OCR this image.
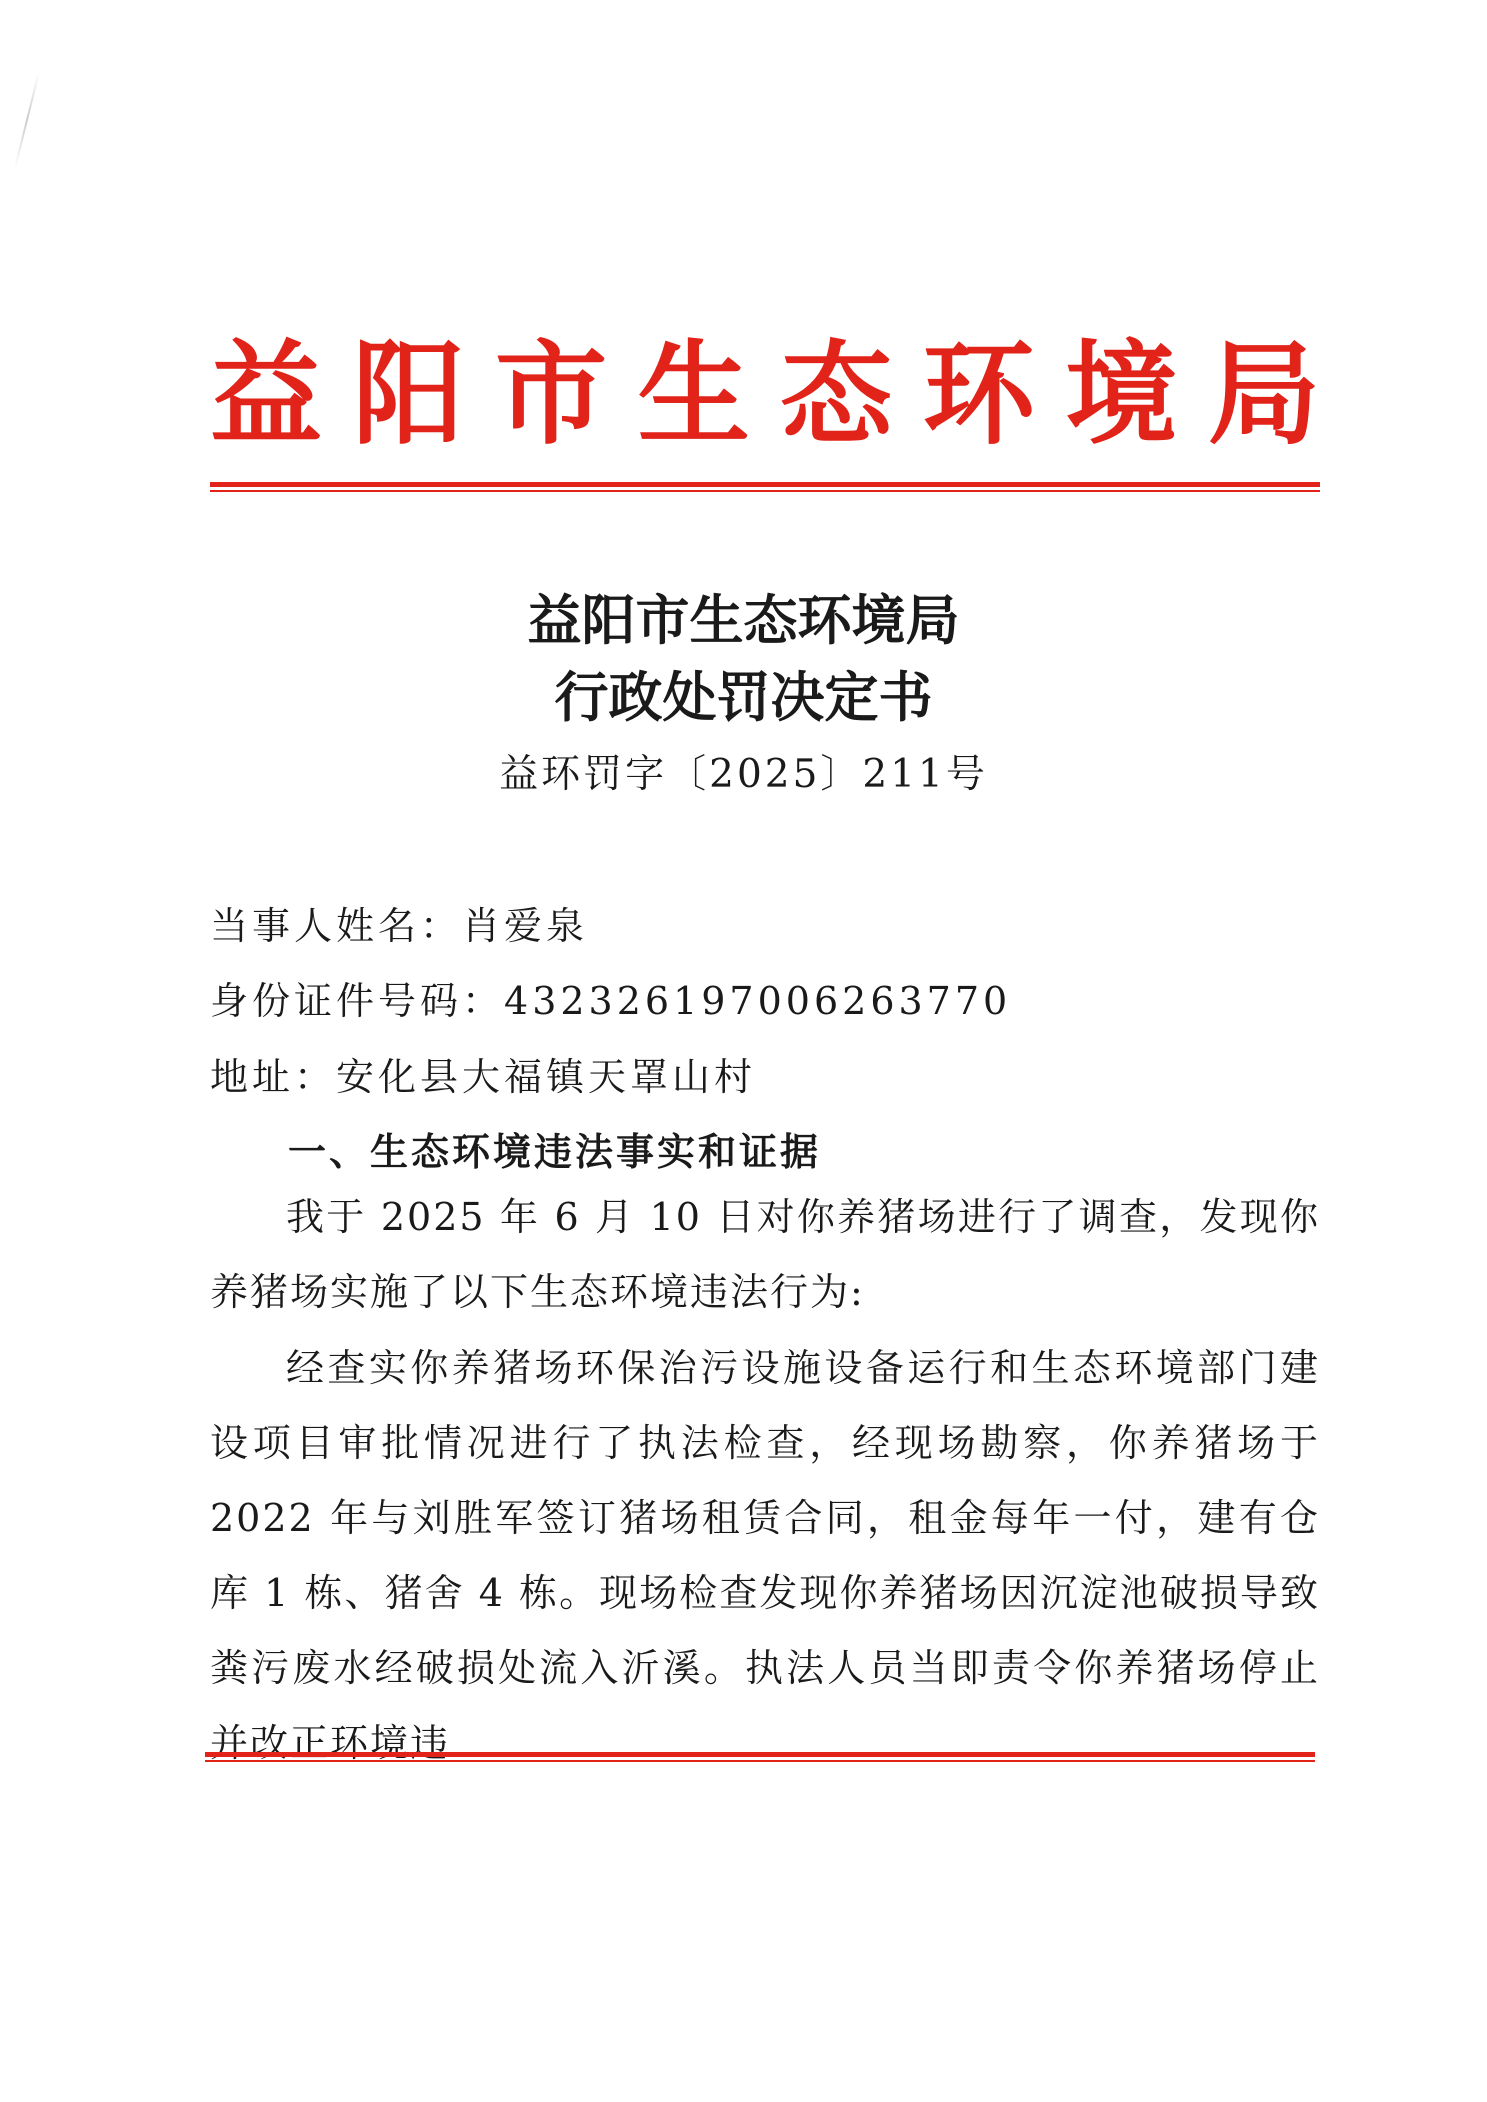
益 阳 市 生 态 环 境 局
益阳市生态环境局
行政处罚决定书
益环罚字〔2025〕211号
当事人姓名：肖爱泉
身份证件号码：432326197006263770
地址：安化县大福镇天罩山村
一、生态环境违法事实和证据
我于 2025 年 6 月 10 日对你养猪场进行了调查，发现你养猪场实施了以下生态环境违法行为:
经查实你养猪场环保治污设施设备运行和生态环境部门建设项目审批情况进行了执法检查，经现场勘察，你养猪场于 2022 年与刘胜军签订猪场租赁合同，租金每年一付，建有仓库 1 栋、猪舍 4 栋。现场检查发现你养猪场因沉淀池破损导致粪污废水经破损处流入沂溪。执法人员当即责令你养猪场停止并改正环境违
